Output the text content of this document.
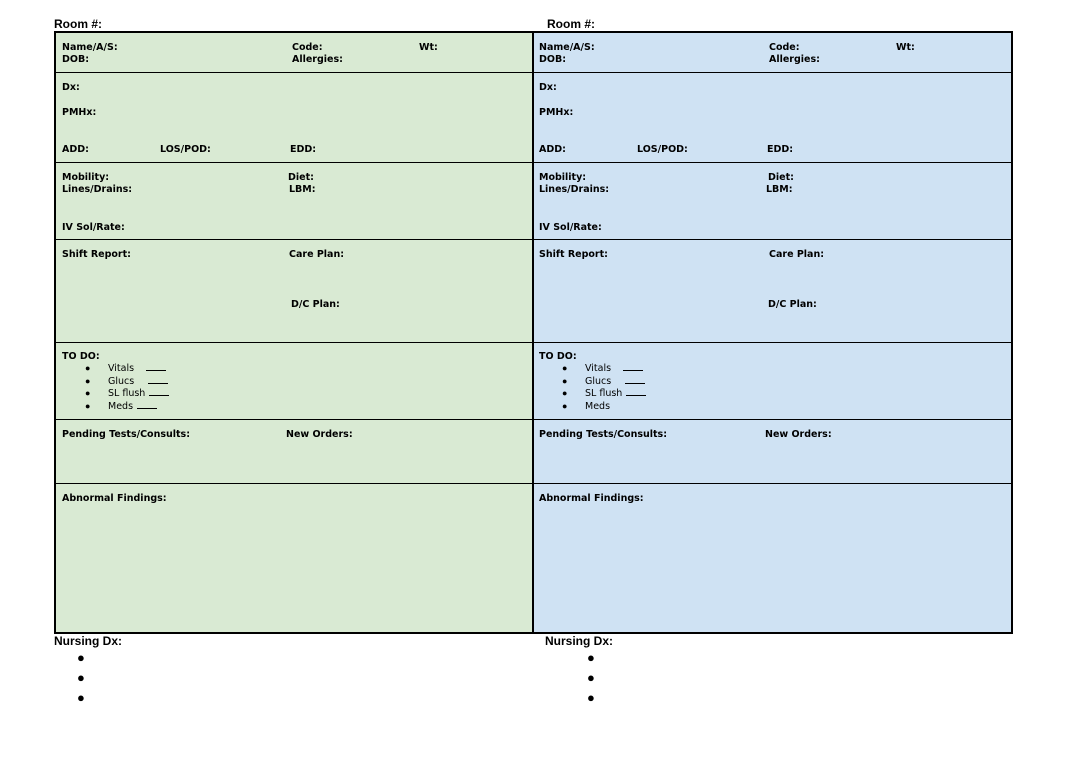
Room #:	Room #:
Name/A/S:	Code:	Wt:
DOB:	Allergies:
Dx:
PMHx:
ADD:	LOS/POD:	EDD:
Mobility:	Diet:
Lines/Drains:	LBM:
IV Sol/Rate:
Shift Report:	Care Plan:
D/C Plan:
TO DO:
● Vitals
● Glucs
● SL flush
● Meds
Pending Tests/Consults:	New Orders:
Abnormal Findings:
Name/A/S:	Code:	Wt:
DOB:	Allergies:
Dx:
PMHx:
ADD:	LOS/POD:	EDD:
Mobility:	Diet:
Lines/Drains:	LBM:
IV Sol/Rate:
Shift Report:	Care Plan:
D/C Plan:
TO DO:
● Vitals
● Glucs
● SL flush
● Meds
Pending Tests/Consults:	New Orders:
Abnormal Findings:
Nursing Dx:
●
●
●
Nursing Dx:
●
●
●
